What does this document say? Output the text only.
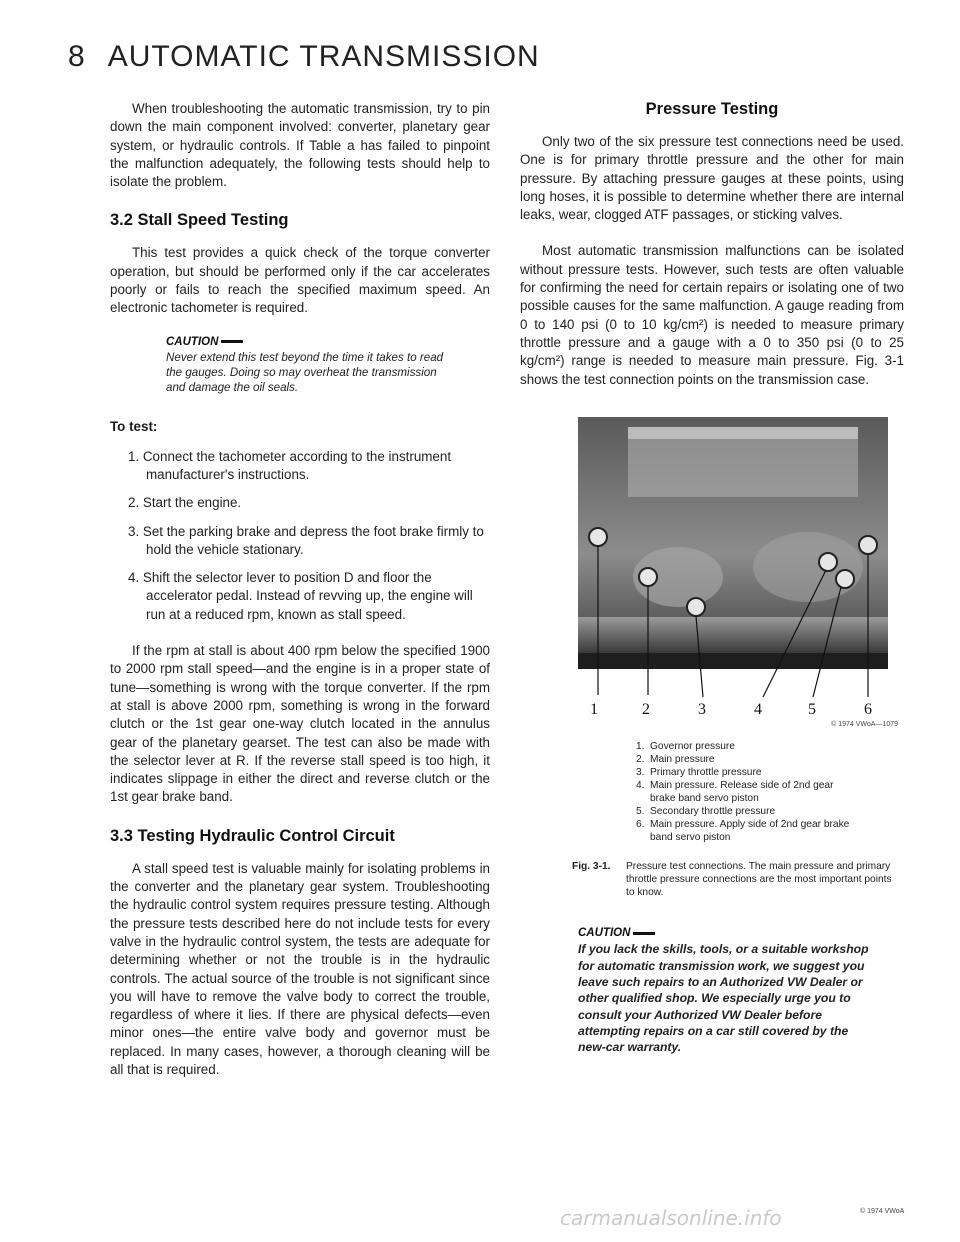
8 AUTOMATIC TRANSMISSION

When troubleshooting the automatic transmission, try to pin down the main component involved: converter, planetary gear system, or hydraulic controls. If Table a has failed to pinpoint the malfunction adequately, the following tests should help to isolate the problem.

3.2 Stall Speed Testing

This test provides a quick check of the torque converter operation, but should be performed only if the car accelerates poorly or fails to reach the specified maximum speed. An electronic tachometer is required.

CAUTION
Never extend this test beyond the time it takes to read the gauges. Doing so may overheat the transmission and damage the oil seals.
To test:
1. Connect the tachometer according to the instrument manufacturer's instructions.
2. Start the engine.
3. Set the parking brake and depress the foot brake firmly to hold the vehicle stationary.
4. Shift the selector lever to position D and floor the accelerator pedal. Instead of revving up, the engine will run at a reduced rpm, known as stall speed.

If the rpm at stall is about 400 rpm below the specified 1900 to 2000 rpm stall speed—and the engine is in a proper state of tune—something is wrong with the torque converter. If the rpm at stall is above 2000 rpm, something is wrong in the forward clutch or the 1st gear one-way clutch located in the annulus gear of the planetary gearset. The test can also be made with the selector lever at R. If the reverse stall speed is too high, it indicates slippage in either the direct and reverse clutch or the 1st gear brake band.

3.3 Testing Hydraulic Control Circuit

A stall speed test is valuable mainly for isolating problems in the converter and the planetary gear system. Troubleshooting the hydraulic control system requires pressure testing. Although the pressure tests described here do not include tests for every valve in the hydraulic control system, the tests are adequate for determining whether or not the trouble is in the hydraulic controls. The actual source of the trouble is not significant since you will have to remove the valve body to correct the trouble, regardless of where it lies. If there are physical defects—even minor ones—the entire valve body and governor must be replaced. In many cases, however, a thorough cleaning will be all that is required.

Pressure Testing

Only two of the six pressure test connections need be used. One is for primary throttle pressure and the other for main pressure. By attaching pressure gauges at these points, using long hoses, it is possible to determine whether there are internal leaks, wear, clogged ATF passages, or sticking valves.

Most automatic transmission malfunctions can be isolated without pressure tests. However, such tests are often valuable for confirming the need for certain repairs or isolating one of two possible causes for the same malfunction. A gauge reading from 0 to 140 psi (0 to 10 kg/cm²) is needed to measure primary throttle pressure and a gauge with a 0 to 350 psi (0 to 25 kg/cm²) range is needed to measure main pressure. Fig. 3-1 shows the test connection points on the transmission case.

1	2	3	4	5	6
© 1974 VWoA—1079
1. Governor pressure
2. Main pressure
3. Primary throttle pressure
4. Main pressure. Release side of 2nd gear brake band servo piston
5. Secondary throttle pressure
6. Main pressure. Apply side of 2nd gear brake band servo piston
Fig. 3-1.	Pressure test connections. The main pressure and primary throttle pressure connections are the most important points to know.
CAUTION
If you lack the skills, tools, or a suitable workshop for automatic transmission work, we suggest you leave such repairs to an Authorized VW Dealer or other qualified shop. We especially urge you to consult your Authorized VW Dealer before attempting repairs on a car still covered by the new-car warranty.
© 1974 VWoA
carmanualsonline.info
